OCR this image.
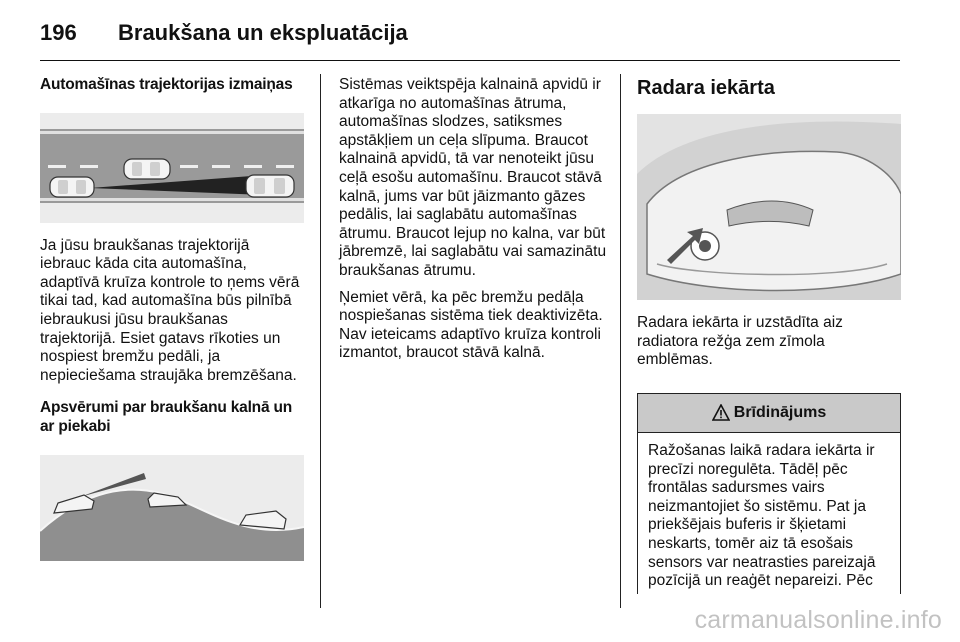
196 Braukšana un ekspluatācija

Automašīnas trajektorijas izmaiņas

Ja jūsu braukšanas trajektorijā iebrauc kāda cita automašīna, adaptīvā kruīza kontrole to ņems vērā tikai tad, kad automašīna būs pilnībā iebraukusi jūsu braukšanas trajektorijā. Esiet gatavs rīkoties un nospiest bremžu pedāli, ja nepieciešama straujāka bremzēšana.

Apsvērumi par braukšanu kalnā un ar piekabi

Sistēmas veiktspēja kalnainā apvidū ir atkarīga no automašīnas ātruma, automašīnas slodzes, satiksmes apstākļiem un ceļa slīpuma. Braucot kalnainā apvidū, tā var nenoteikt jūsu ceļā esošu automašīnu. Braucot stāvā kalnā, jums var būt jāizmanto gāzes pedālis, lai saglabātu automašīnas ātrumu. Braucot lejup no kalna, var būt jābremzē, lai saglabātu vai samazinātu braukšanas ātrumu.

Ņemiet vērā, ka pēc bremžu pedāļa nospiešanas sistēma tiek deaktivizēta. Nav ieteicams adaptīvo kruīza kontroli izmantot, braucot stāvā kalnā.

Radara iekārta

Radara iekārta ir uzstādīta aiz radiatora režģa zem zīmola emblēmas.

Brīdinājums
Ražošanas laikā radara iekārta ir precīzi noregulēta. Tādēļ pēc frontālas sadursmes vairs neizmantojiet šo sistēmu. Pat ja priekšējais buferis ir šķietami neskarts, tomēr aiz tā esošais sensors var neatrasties pareizajā pozīcijā un reaģēt nepareizi. Pēc
carmanualsonline.info
